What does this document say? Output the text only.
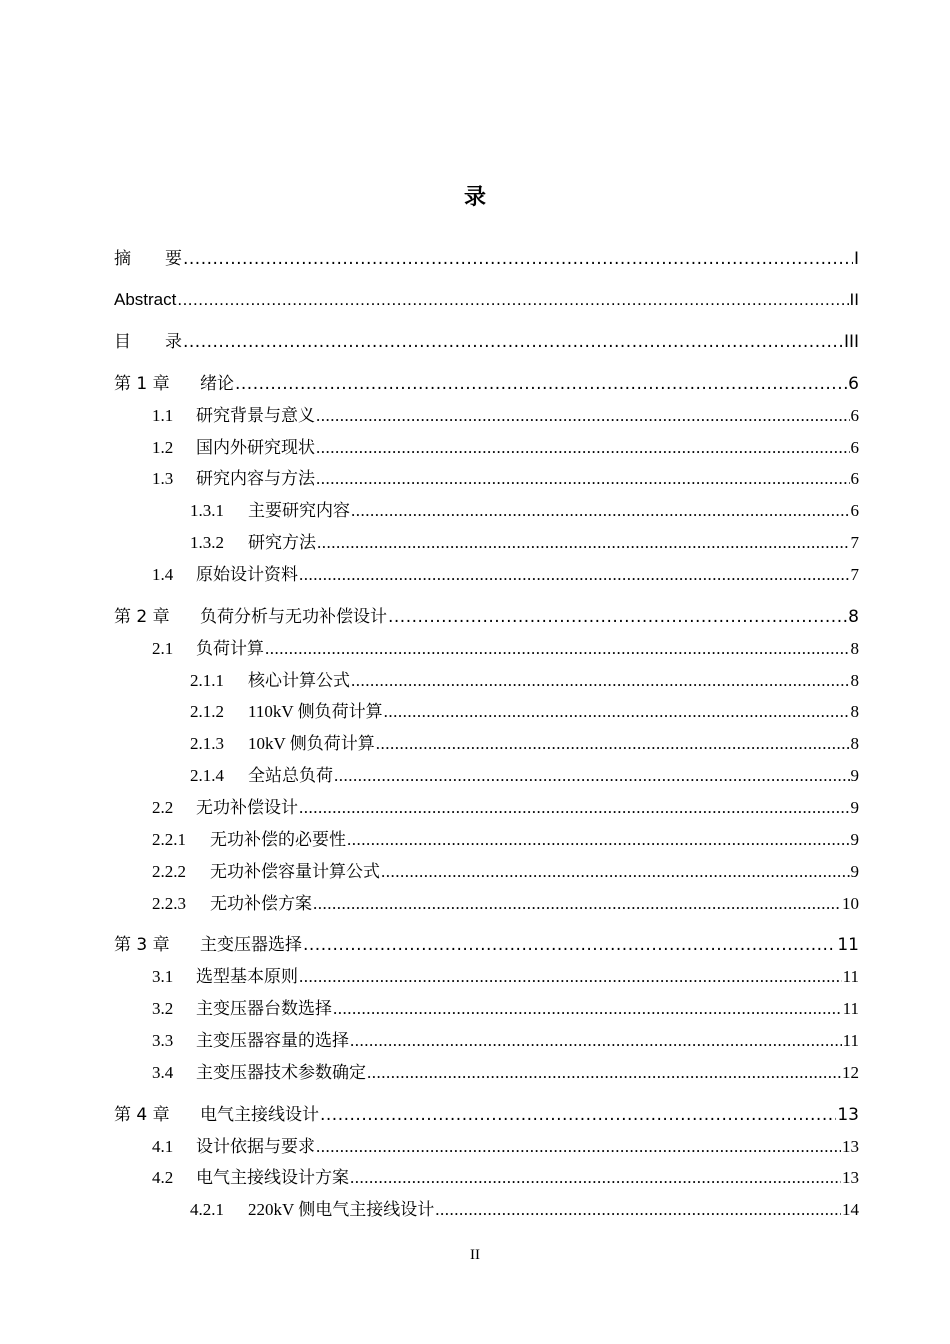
录
摘　　要 .....	I
Abstract .....	II
目　　录 .....	III
第 1 章	绪论 .....	6
1.1	研究背景与意义 .....	6
1.2	国内外研究现状 .....	6
1.3	研究内容与方法 .....	6
1.3.1	主要研究内容 .....	6
1.3.2	研究方法 .....	7
1.4	原始设计资料 .....	7
第 2 章	负荷分析与无功补偿设计 .....	8
2.1	负荷计算 .....	8
2.1.1	核心计算公式 .....	8
2.1.2	110kV 侧负荷计算 .....	8
2.1.3	10kV 侧负荷计算 .....	8
2.1.4	全站总负荷 .....	9
2.2	无功补偿设计 .....	9
2.2.1	无功补偿的必要性 .....	9
2.2.2	无功补偿容量计算公式 .....	9
2.2.3	无功补偿方案 .....	10
第 3 章	主变压器选择 .....	11
3.1	选型基本原则 .....	11
3.2	主变压器台数选择 .....	11
3.3	主变压器容量的选择 .....	11
3.4	主变压器技术参数确定 .....	12
第 4 章	电气主接线设计 .....	13
4.1	设计依据与要求 .....	13
4.2	电气主接线设计方案 .....	13
4.2.1	220kV 侧电气主接线设计 .....	14
II
